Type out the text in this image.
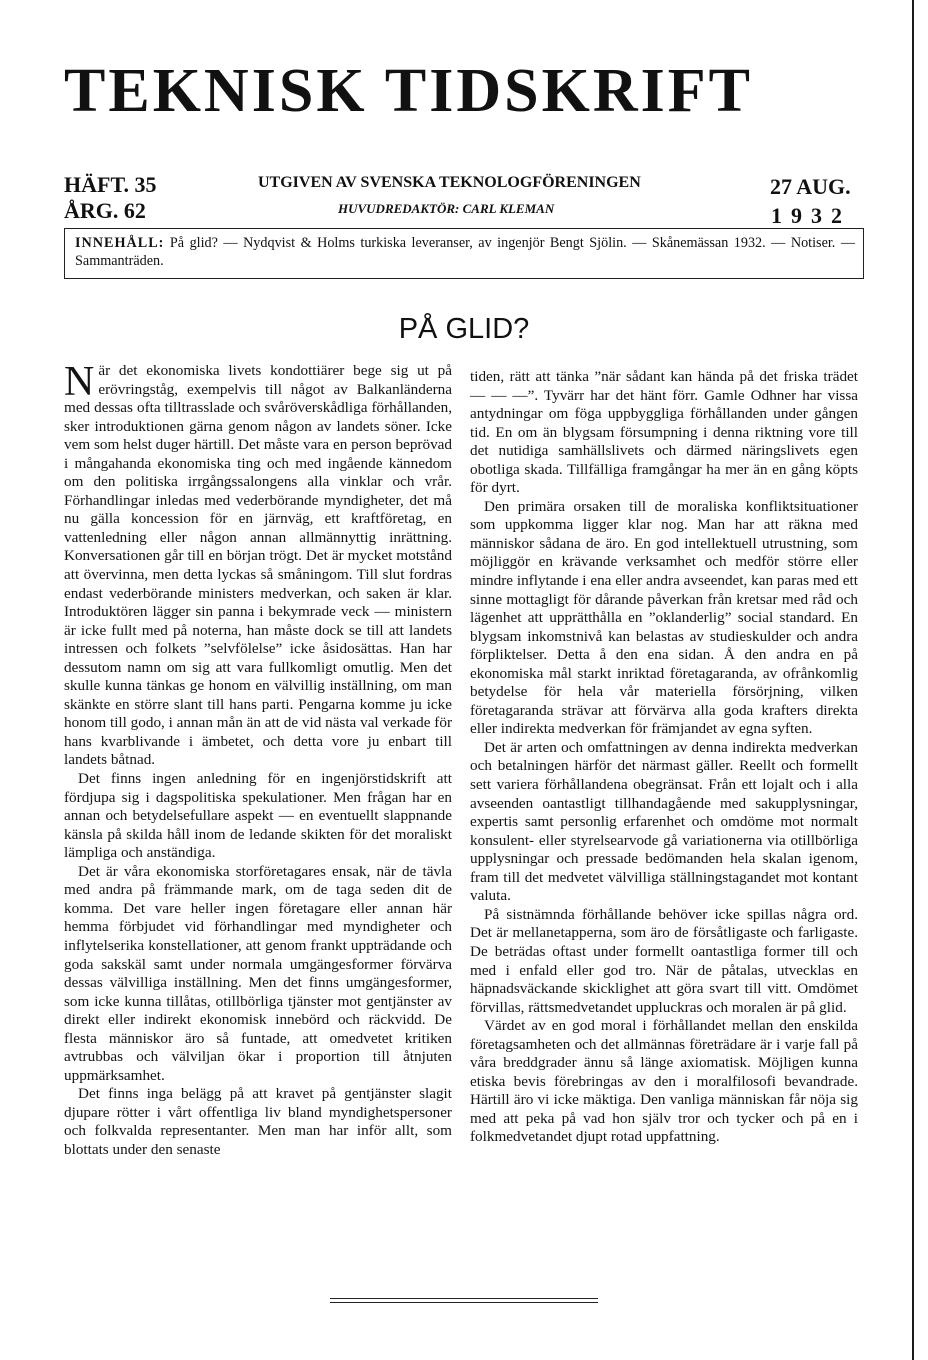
TEKNISK TIDSKRIFT
HÄFT. 35
ÅRG. 62
UTGIVEN AV SVENSKA TEKNOLOGFÖRENINGEN
HUVUDREDAKTÖR: CARL KLEMAN
27 AUG.
1932
INNEHÅLL: På glid? — Nydqvist & Holms turkiska leveranser, av ingenjör Bengt Sjölin. — Skånemässan 1932. — Notiser. — Sammanträden.
PÅ GLID?

När det ekonomiska livets kondottiärer bege sig ut på erövringståg, exempelvis till något av Balkanländerna med dessas ofta tilltrasslade och svåröverskådliga förhållanden, sker introduktionen gärna genom någon av landets söner. Icke vem som helst duger härtill. Det måste vara en person beprövad i mångahanda ekonomiska ting och med ingående kännedom om den politiska irrgångssalongens alla vinklar och vrår. Förhandlingar inledas med vederbörande myndigheter, det må nu gälla koncession för en järnväg, ett kraftföretag, en vattenledning eller någon annan allmännyttig inrättning. Konversationen går till en början trögt. Det är mycket motstånd att övervinna, men detta lyckas så småningom. Till slut fordras endast vederbörande ministers medverkan, och saken är klar. Introduktören lägger sin panna i bekymrade veck — ministern är icke fullt med på noterna, han måste dock se till att landets intressen och folkets ”selvfölelse” icke åsidosättas. Han har dessutom namn om sig att vara fullkomligt omutlig. Men det skulle kunna tänkas ge honom en välvillig inställning, om man skänkte en större slant till hans parti. Pengarna komme ju icke honom till godo, i annan mån än att de vid nästa val verkade för hans kvarblivande i ämbetet, och detta vore ju enbart till landets båtnad.

Det finns ingen anledning för en ingenjörstidskrift att fördjupa sig i dagspolitiska spekulationer. Men frågan har en annan och betydelsefullare aspekt — en eventuellt slappnande känsla på skilda håll inom de ledande skikten för det moraliskt lämpliga och anständiga.

Det är våra ekonomiska storföretagares ensak, när de tävla med andra på främmande mark, om de taga seden dit de komma. Det vare heller ingen företagare eller annan här hemma förbjudet vid förhandlingar med myndigheter och inflytelserika konstellationer, att genom frankt uppträdande och goda sakskäl samt under normala umgängesformer förvärva dessas välvilliga inställning. Men det finns umgängesformer, som icke kunna tillåtas, otillbörliga tjänster mot gentjänster av direkt eller indirekt ekonomisk innebörd och räckvidd. De flesta människor äro så funtade, att omedvetet kritiken avtrubbas och välviljan ökar i proportion till åtnjuten uppmärksamhet.

Det finns inga belägg på att kravet på gentjänster slagit djupare rötter i vårt offentliga liv bland myndighetspersoner och folkvalda representanter. Men man har inför allt, som blottats under den senaste

tiden, rätt att tänka ”när sådant kan hända på det friska trädet — — —”. Tyvärr har det hänt förr. Gamle Odhner har vissa antydningar om föga uppbyggliga förhållanden under gången tid. En om än blygsam försumpning i denna riktning vore till det nutidiga samhällslivets och därmed näringslivets egen obotliga skada. Tillfälliga framgångar ha mer än en gång köpts för dyrt.

Den primära orsaken till de moraliska konfliktsituationer som uppkomma ligger klar nog. Man har att räkna med människor sådana de äro. En god intellektuell utrustning, som möjliggör en krävande verksamhet och medför större eller mindre inflytande i ena eller andra avseendet, kan paras med ett sinne mottagligt för dårande påverkan från kretsar med råd och lägenhet att upprätthålla en ”oklanderlig” social standard. En blygsam inkomstnivå kan belastas av studieskulder och andra förpliktelser. Detta å den ena sidan. Å den andra en på ekonomiska mål starkt inriktad företagaranda, av ofrånkomlig betydelse för hela vår materiella försörjning, vilken företagaranda strävar att förvärva alla goda krafters direkta eller indirekta medverkan för främjandet av egna syften.

Det är arten och omfattningen av denna indirekta medverkan och betalningen härför det närmast gäller. Reellt och formellt sett variera förhållandena obegränsat. Från ett lojalt och i alla avseenden oantastligt tillhandagående med sakupplysningar, expertis samt personlig erfarenhet och omdöme mot normalt konsulent- eller styrelsearvode gå variationerna via otillbörliga upplysningar och pressade bedömanden hela skalan igenom, fram till det medvetet välvilliga ställningstagandet mot kontant valuta.

På sistnämnda förhållande behöver icke spillas några ord. Det är mellanetapperna, som äro de försåtligaste och farligaste. De beträdas oftast under formellt oantastliga former till och med i enfald eller god tro. När de påtalas, utvecklas en häpnadsväckande skicklighet att göra svart till vitt. Omdömet förvillas, rättsmedvetandet uppluckras och moralen är på glid.

Värdet av en god moral i förhållandet mellan den enskilda företagsamheten och det allmännas företrädare är i varje fall på våra breddgrader ännu så länge axiomatisk. Möjligen kunna etiska bevis förebringas av den i moralfilosofi bevandrade. Härtill äro vi icke mäktiga. Den vanliga människan får nöja sig med att peka på vad hon själv tror och tycker och på en i folkmedvetandet djupt rotad uppfattning.
